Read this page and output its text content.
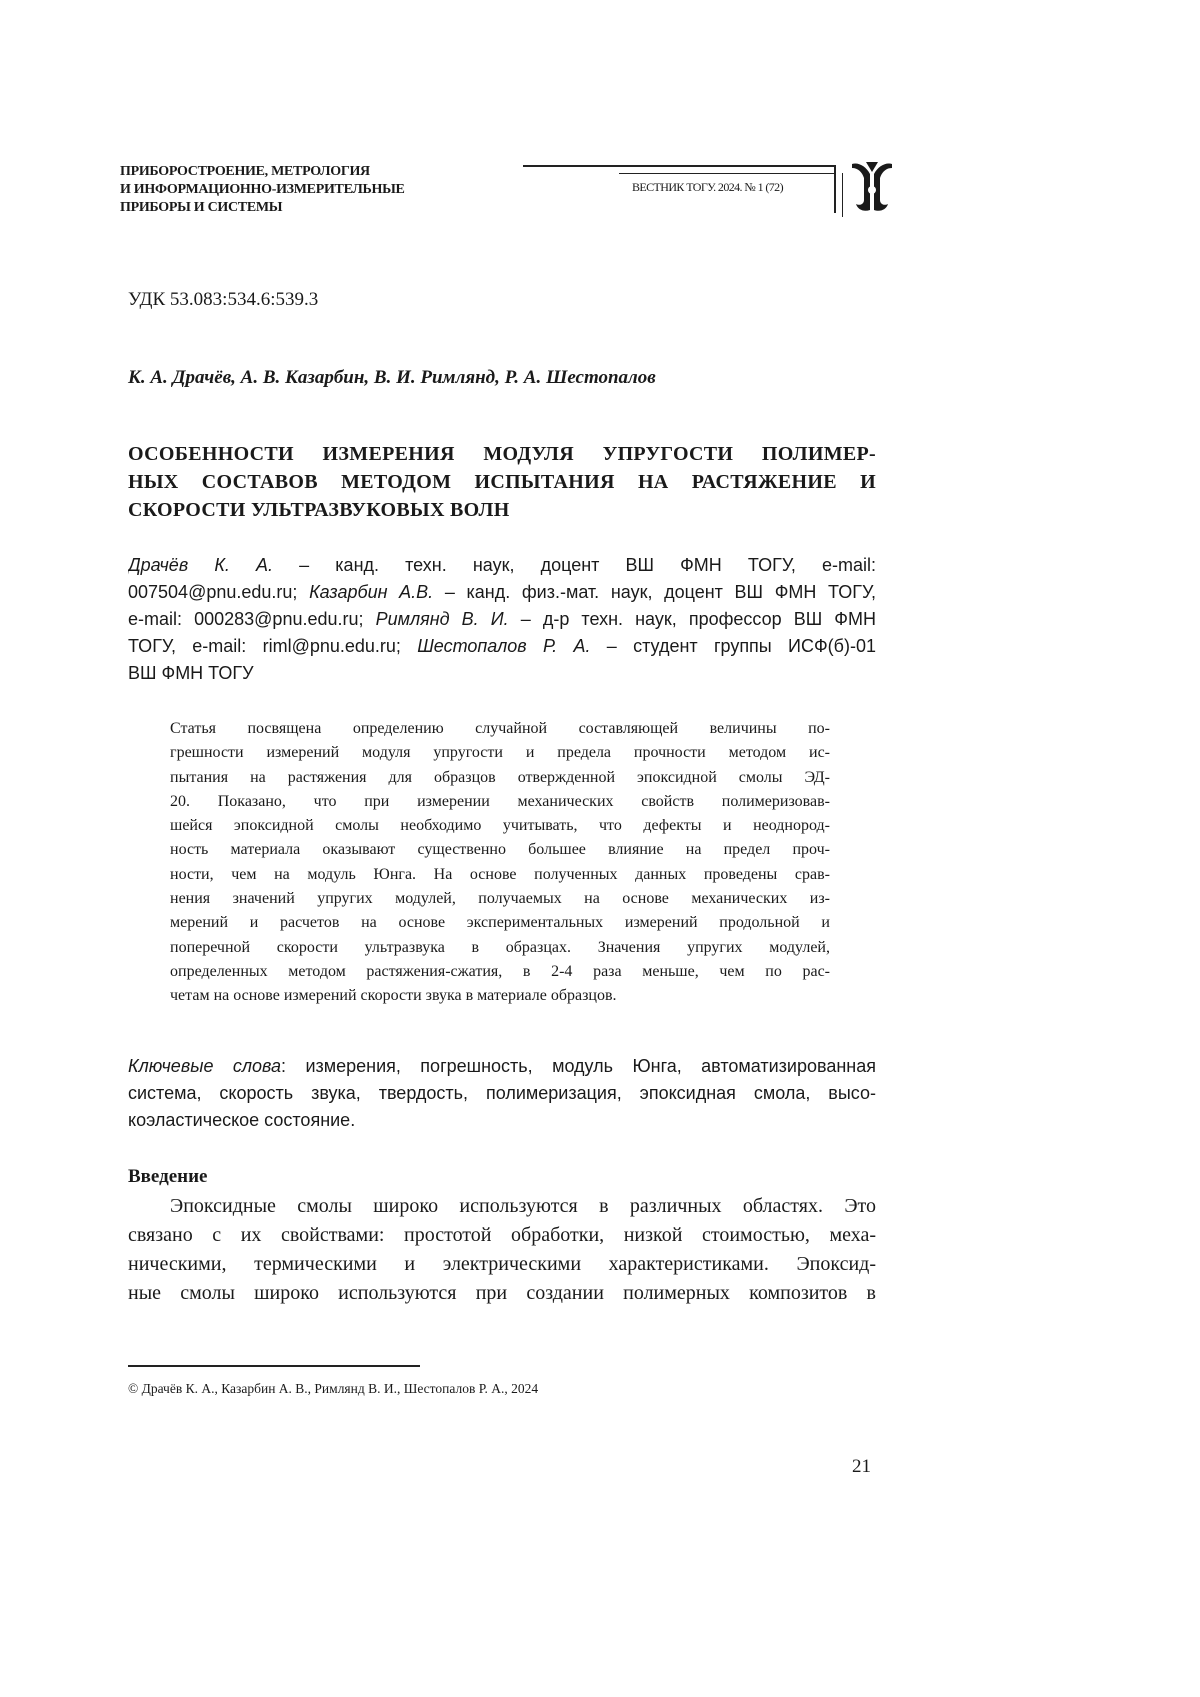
ПРИБОРОСТРОЕНИЕ, МЕТРОЛОГИЯ
И ИНФОРМАЦИОННО-ИЗМЕРИТЕЛЬНЫЕ
ПРИБОРЫ И СИСТЕМЫ
ВЕСТНИК ТОГУ. 2024. № 1 (72)
УДК 53.083:534.6:539.3
К. А. Драчёв, А. В. Казарбин, В. И. Римлянд, Р. А. Шестопалов
ОСОБЕННОСТИ ИЗМЕРЕНИЯ МОДУЛЯ УПРУГОСТИ ПОЛИМЕР-
НЫХ СОСТАВОВ МЕТОДОМ ИСПЫТАНИЯ НА РАСТЯЖЕНИЕ И
СКОРОСТИ УЛЬТРАЗВУКОВЫХ ВОЛН
Драчёв К. А. – канд. техн. наук, доцент ВШ ФМН ТОГУ, e-mail:
007504@pnu.edu.ru; Казарбин А.В. – канд. физ.-мат. наук, доцент ВШ ФМН ТОГУ,
e-mail: 000283@pnu.edu.ru; Римлянд В. И. – д-р техн. наук, профессор ВШ ФМН
ТОГУ, e-mail: riml@pnu.edu.ru; Шестопалов Р. А. – студент группы ИСФ(б)-01
ВШ ФМН ТОГУ
Статья посвящена определению случайной составляющей величины по-
грешности измерений модуля упругости и предела прочности методом ис-
пытания на растяжения для образцов отвержденной эпоксидной смолы ЭД-
20. Показано, что при измерении механических свойств полимеризовав-
шейся эпоксидной смолы необходимо учитывать, что дефекты и неоднород-
ность материала оказывают существенно большее влияние на предел проч-
ности, чем на модуль Юнга. На основе полученных данных проведены срав-
нения значений упругих модулей, получаемых на основе механических из-
мерений и расчетов на основе экспериментальных измерений продольной и
поперечной скорости ультразвука в образцах. Значения упругих модулей,
определенных методом растяжения-сжатия, в 2-4 раза меньше, чем по рас-
четам на основе измерений скорости звука в материале образцов.
Ключевые слова: измерения, погрешность, модуль Юнга, автоматизированная
система, скорость звука, твердость, полимеризация, эпоксидная смола, высо-
коэластическое состояние.
Введение
Эпоксидные смолы широко используются в различных областях. Это
связано с их свойствами: простотой обработки, низкой стоимостью, меха-
ническими, термическими и электрическими характеристиками. Эпоксид-
ные смолы широко используются при создании полимерных композитов в
© Драчёв К. А., Казарбин А. В., Римлянд В. И., Шестопалов Р. А., 2024
21
